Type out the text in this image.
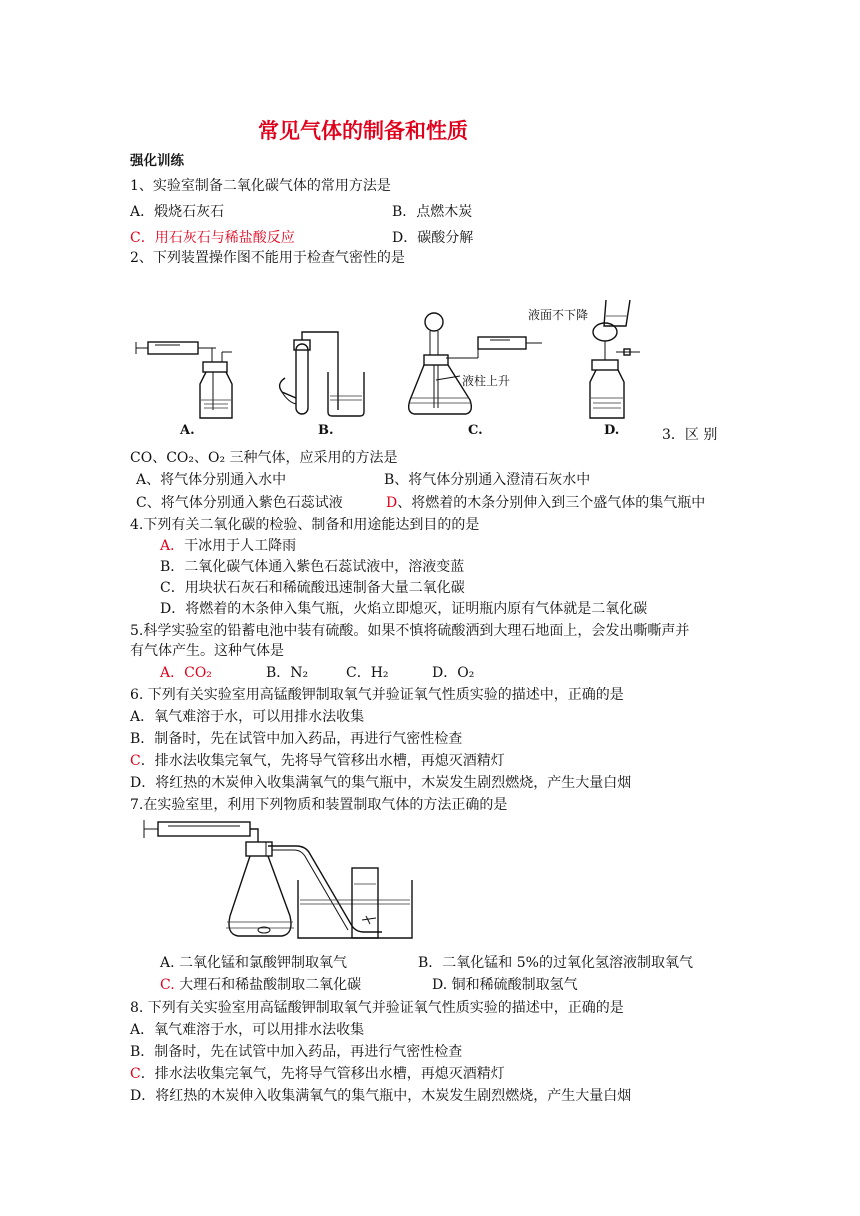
常见气体的制备和性质
强化训练
1、实验室制备二氧化碳气体的常用方法是
A．煅烧石灰石	B．点燃木炭
C．用石灰石与稀盐酸反应	D．碳酸分解
2、下列装置操作图不能用于检查气密性的是
A.	B.	C.	D.
液柱上升
液面不下降
3．区 别
CO、CO₂、O₂ 三种气体，应采用的方法是
A、将气体分别通入水中	B、将气体分别通入澄清石灰水中
C、将气体分别通入紫色石蕊试液	D、将燃着的木条分别伸入到三个盛气体的集气瓶中
4.下列有关二氧化碳的检验、制备和用途能达到目的的是
A．干冰用于人工降雨
B．二氧化碳气体通入紫色石蕊试液中，溶液变蓝
C．用块状石灰石和稀硫酸迅速制备大量二氧化碳
D．将燃着的木条伸入集气瓶，火焰立即熄灭，证明瓶内原有气体就是二氧化碳
5.科学实验室的铅蓄电池中装有硫酸。如果不慎将硫酸洒到大理石地面上，会发出嘶嘶声并
有气体产生。这种气体是
A．CO₂	B．N₂	C．H₂	D．O₂
6. 下列有关实验室用高锰酸钾制取氧气并验证氧气性质实验的描述中，正确的是
A．氧气难溶于水，可以用排水法收集
B．制备时，先在试管中加入药品，再进行气密性检查
C．排水法收集完氧气，先将导气管移出水槽，再熄灭酒精灯
D．将红热的木炭伸入收集满氧气的集气瓶中，木炭发生剧烈燃烧，产生大量白烟
7.在实验室里，利用下列物质和装置制取气体的方法正确的是
A. 二氧化锰和氯酸钾制取氧气	B．二氧化锰和 5%的过氧化氢溶液制取氧气
C. 大理石和稀盐酸制取二氧化碳	D. 铜和稀硫酸制取氢气
8. 下列有关实验室用高锰酸钾制取氧气并验证氧气性质实验的描述中，正确的是
A．氧气难溶于水，可以用排水法收集
B．制备时，先在试管中加入药品，再进行气密性检查
C．排水法收集完氧气，先将导气管移出水槽，再熄灭酒精灯
D．将红热的木炭伸入收集满氧气的集气瓶中，木炭发生剧烈燃烧，产生大量白烟
